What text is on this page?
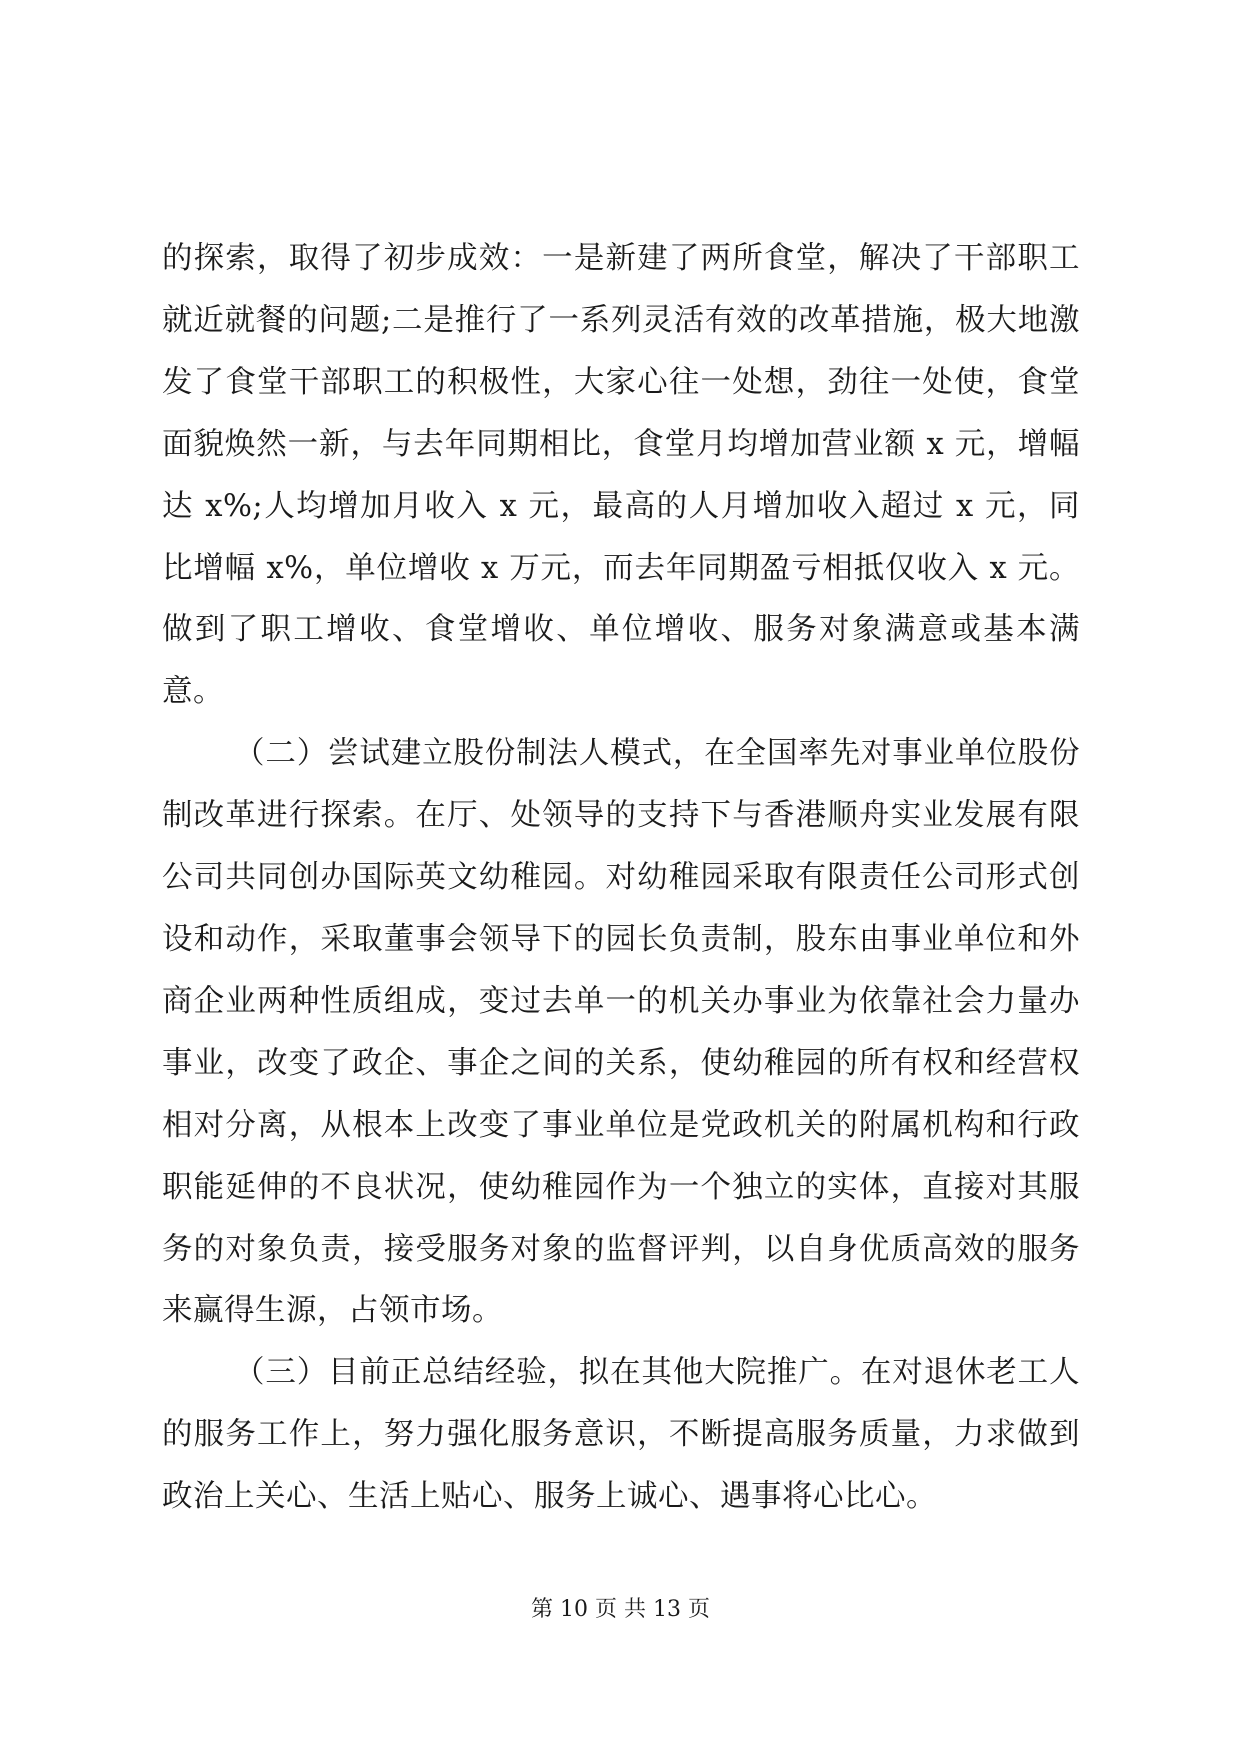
的探索，取得了初步成效：一是新建了两所食堂，解决了干部职工就近就餐的问题;二是推行了一系列灵活有效的改革措施，极大地激发了食堂干部职工的积极性，大家心往一处想，劲往一处使，食堂面貌焕然一新，与去年同期相比，食堂月均增加营业额 x 元，增幅达 x%;人均增加月收入 x 元，最高的人月增加收入超过 x 元，同比增幅 x%，单位增收 x 万元，而去年同期盈亏相抵仅收入 x 元。做到了职工增收、食堂增收、单位增收、服务对象满意或基本满意。

（二）尝试建立股份制法人模式，在全国率先对事业单位股份制改革进行探索。在厅、处领导的支持下与香港顺舟实业发展有限公司共同创办国际英文幼稚园。对幼稚园采取有限责任公司形式创设和动作，采取董事会领导下的园长负责制，股东由事业单位和外商企业两种性质组成，变过去单一的机关办事业为依靠社会力量办事业，改变了政企、事企之间的关系，使幼稚园的所有权和经营权相对分离，从根本上改变了事业单位是党政机关的附属机构和行政职能延伸的不良状况，使幼稚园作为一个独立的实体，直接对其服务的对象负责，接受服务对象的监督评判，以自身优质高效的服务来赢得生源，占领市场。

（三）目前正总结经验，拟在其他大院推广。在对退休老工人的服务工作上，努力强化服务意识，不断提高服务质量，力求做到政治上关心、生活上贴心、服务上诚心、遇事将心比心。

第 10 页 共 13 页
